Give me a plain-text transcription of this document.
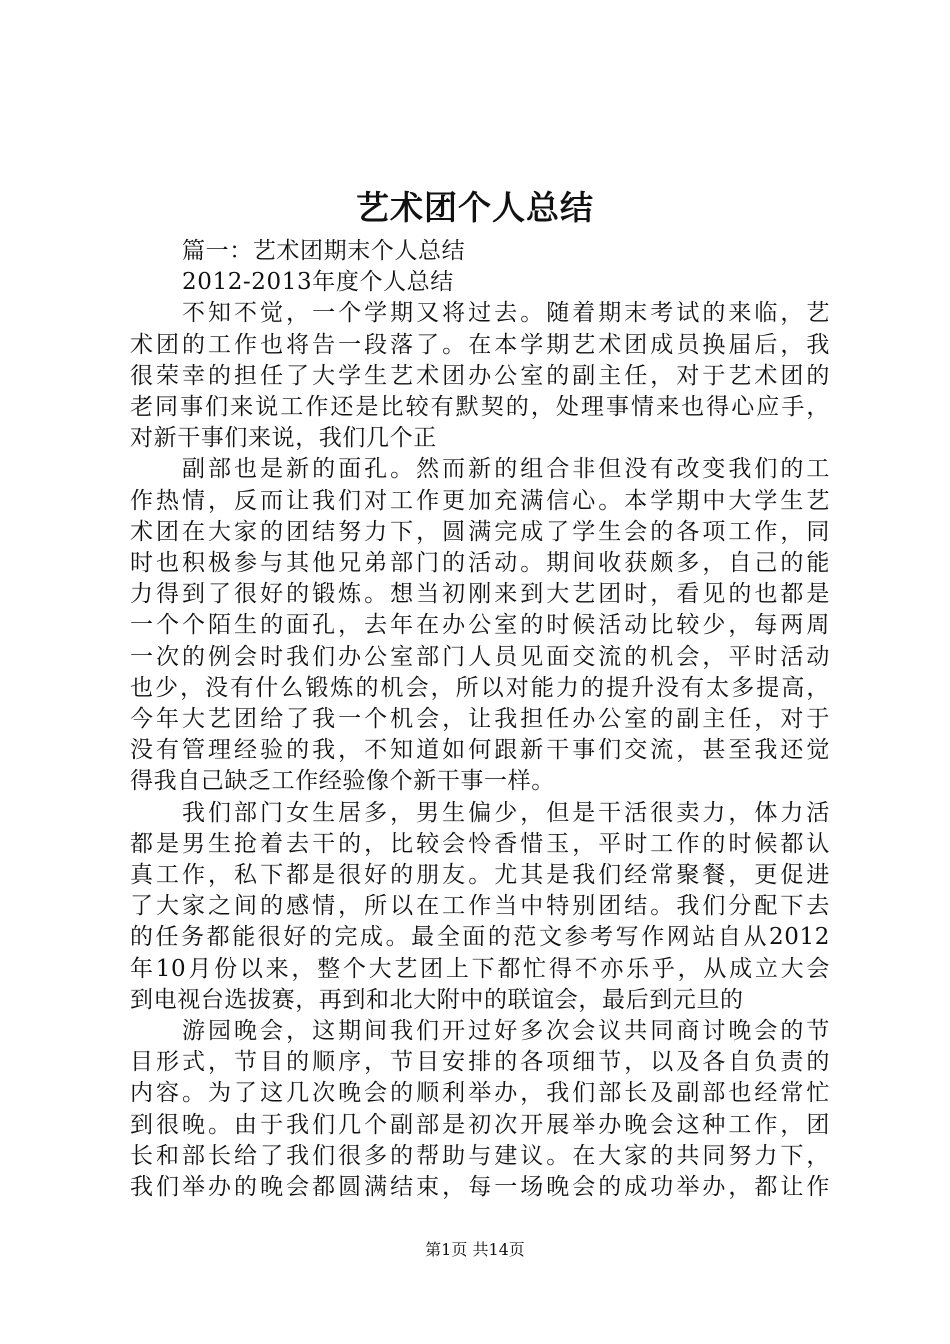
艺术团个人总结
篇一：艺术团期末个人总结
2012-2013年度个人总结
不知不觉，一个学期又将过去。随着期末考试的来临，艺
术团的工作也将告一段落了。在本学期艺术团成员换届后，我
很荣幸的担任了大学生艺术团办公室的副主任，对于艺术团的
老同事们来说工作还是比较有默契的，处理事情来也得心应手，
对新干事们来说，我们几个正
副部也是新的面孔。然而新的组合非但没有改变我们的工
作热情，反而让我们对工作更加充满信心。本学期中大学生艺
术团在大家的团结努力下，圆满完成了学生会的各项工作，同
时也积极参与其他兄弟部门的活动。期间收获颇多，自己的能
力得到了很好的锻炼。想当初刚来到大艺团时，看见的也都是
一个个陌生的面孔，去年在办公室的时候活动比较少，每两周
一次的例会时我们办公室部门人员见面交流的机会，平时活动
也少，没有什么锻炼的机会，所以对能力的提升没有太多提高，
今年大艺团给了我一个机会，让我担任办公室的副主任，对于
没有管理经验的我，不知道如何跟新干事们交流，甚至我还觉
得我自己缺乏工作经验像个新干事一样。
我们部门女生居多，男生偏少，但是干活很卖力，体力活
都是男生抢着去干的，比较会怜香惜玉，平时工作的时候都认
真工作，私下都是很好的朋友。尤其是我们经常聚餐，更促进
了大家之间的感情，所以在工作当中特别团结。我们分配下去
的任务都能很好的完成。最全面的范文参考写作网站自从2012
年10月份以来，整个大艺团上下都忙得不亦乐乎，从成立大会
到电视台选拔赛，再到和北大附中的联谊会，最后到元旦的
游园晚会，这期间我们开过好多次会议共同商讨晚会的节
目形式，节目的顺序，节目安排的各项细节，以及各自负责的
内容。为了这几次晚会的顺利举办，我们部长及副部也经常忙
到很晚。由于我们几个副部是初次开展举办晚会这种工作，团
长和部长给了我们很多的帮助与建议。在大家的共同努力下，
我们举办的晚会都圆满结束，每一场晚会的成功举办，都让作
第1页 共14页
